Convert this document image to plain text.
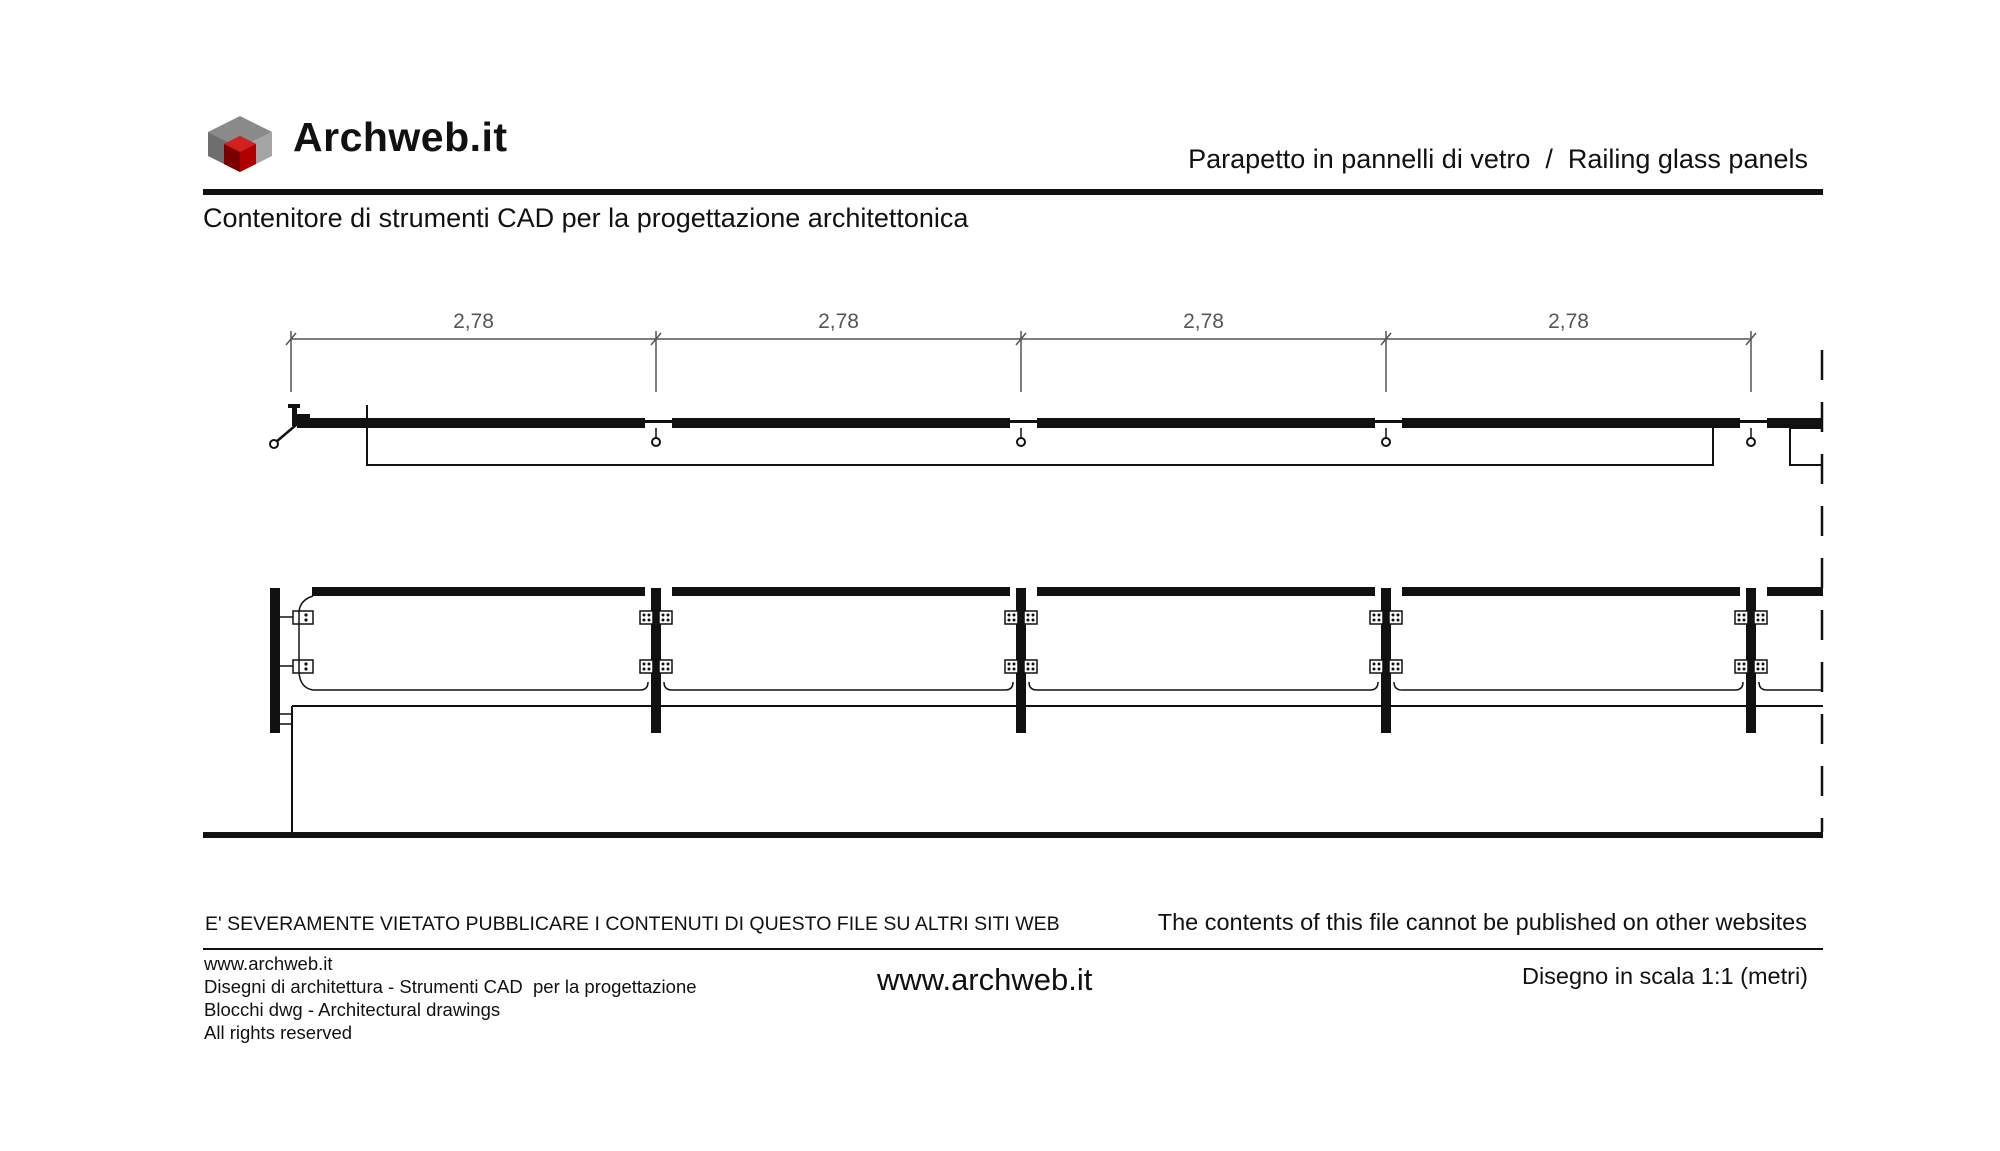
Archweb.it	Parapetto in pannelli di vetro  /  Railing glass panels
Contenitore di strumenti CAD per la progettazione architettonica
2,78	2,78	2,78	2,78
E' SEVERAMENTE VIETATO PUBBLICARE I CONTENUTI DI QUESTO FILE SU ALTRI SITI WEB	The contents of this file cannot be published on other websites
www.archweb.it
Disegni di architettura - Strumenti CAD  per la progettazione
Blocchi dwg - Architectural drawings
All rights reserved
www.archweb.it	Disegno in scala 1:1 (metri)
